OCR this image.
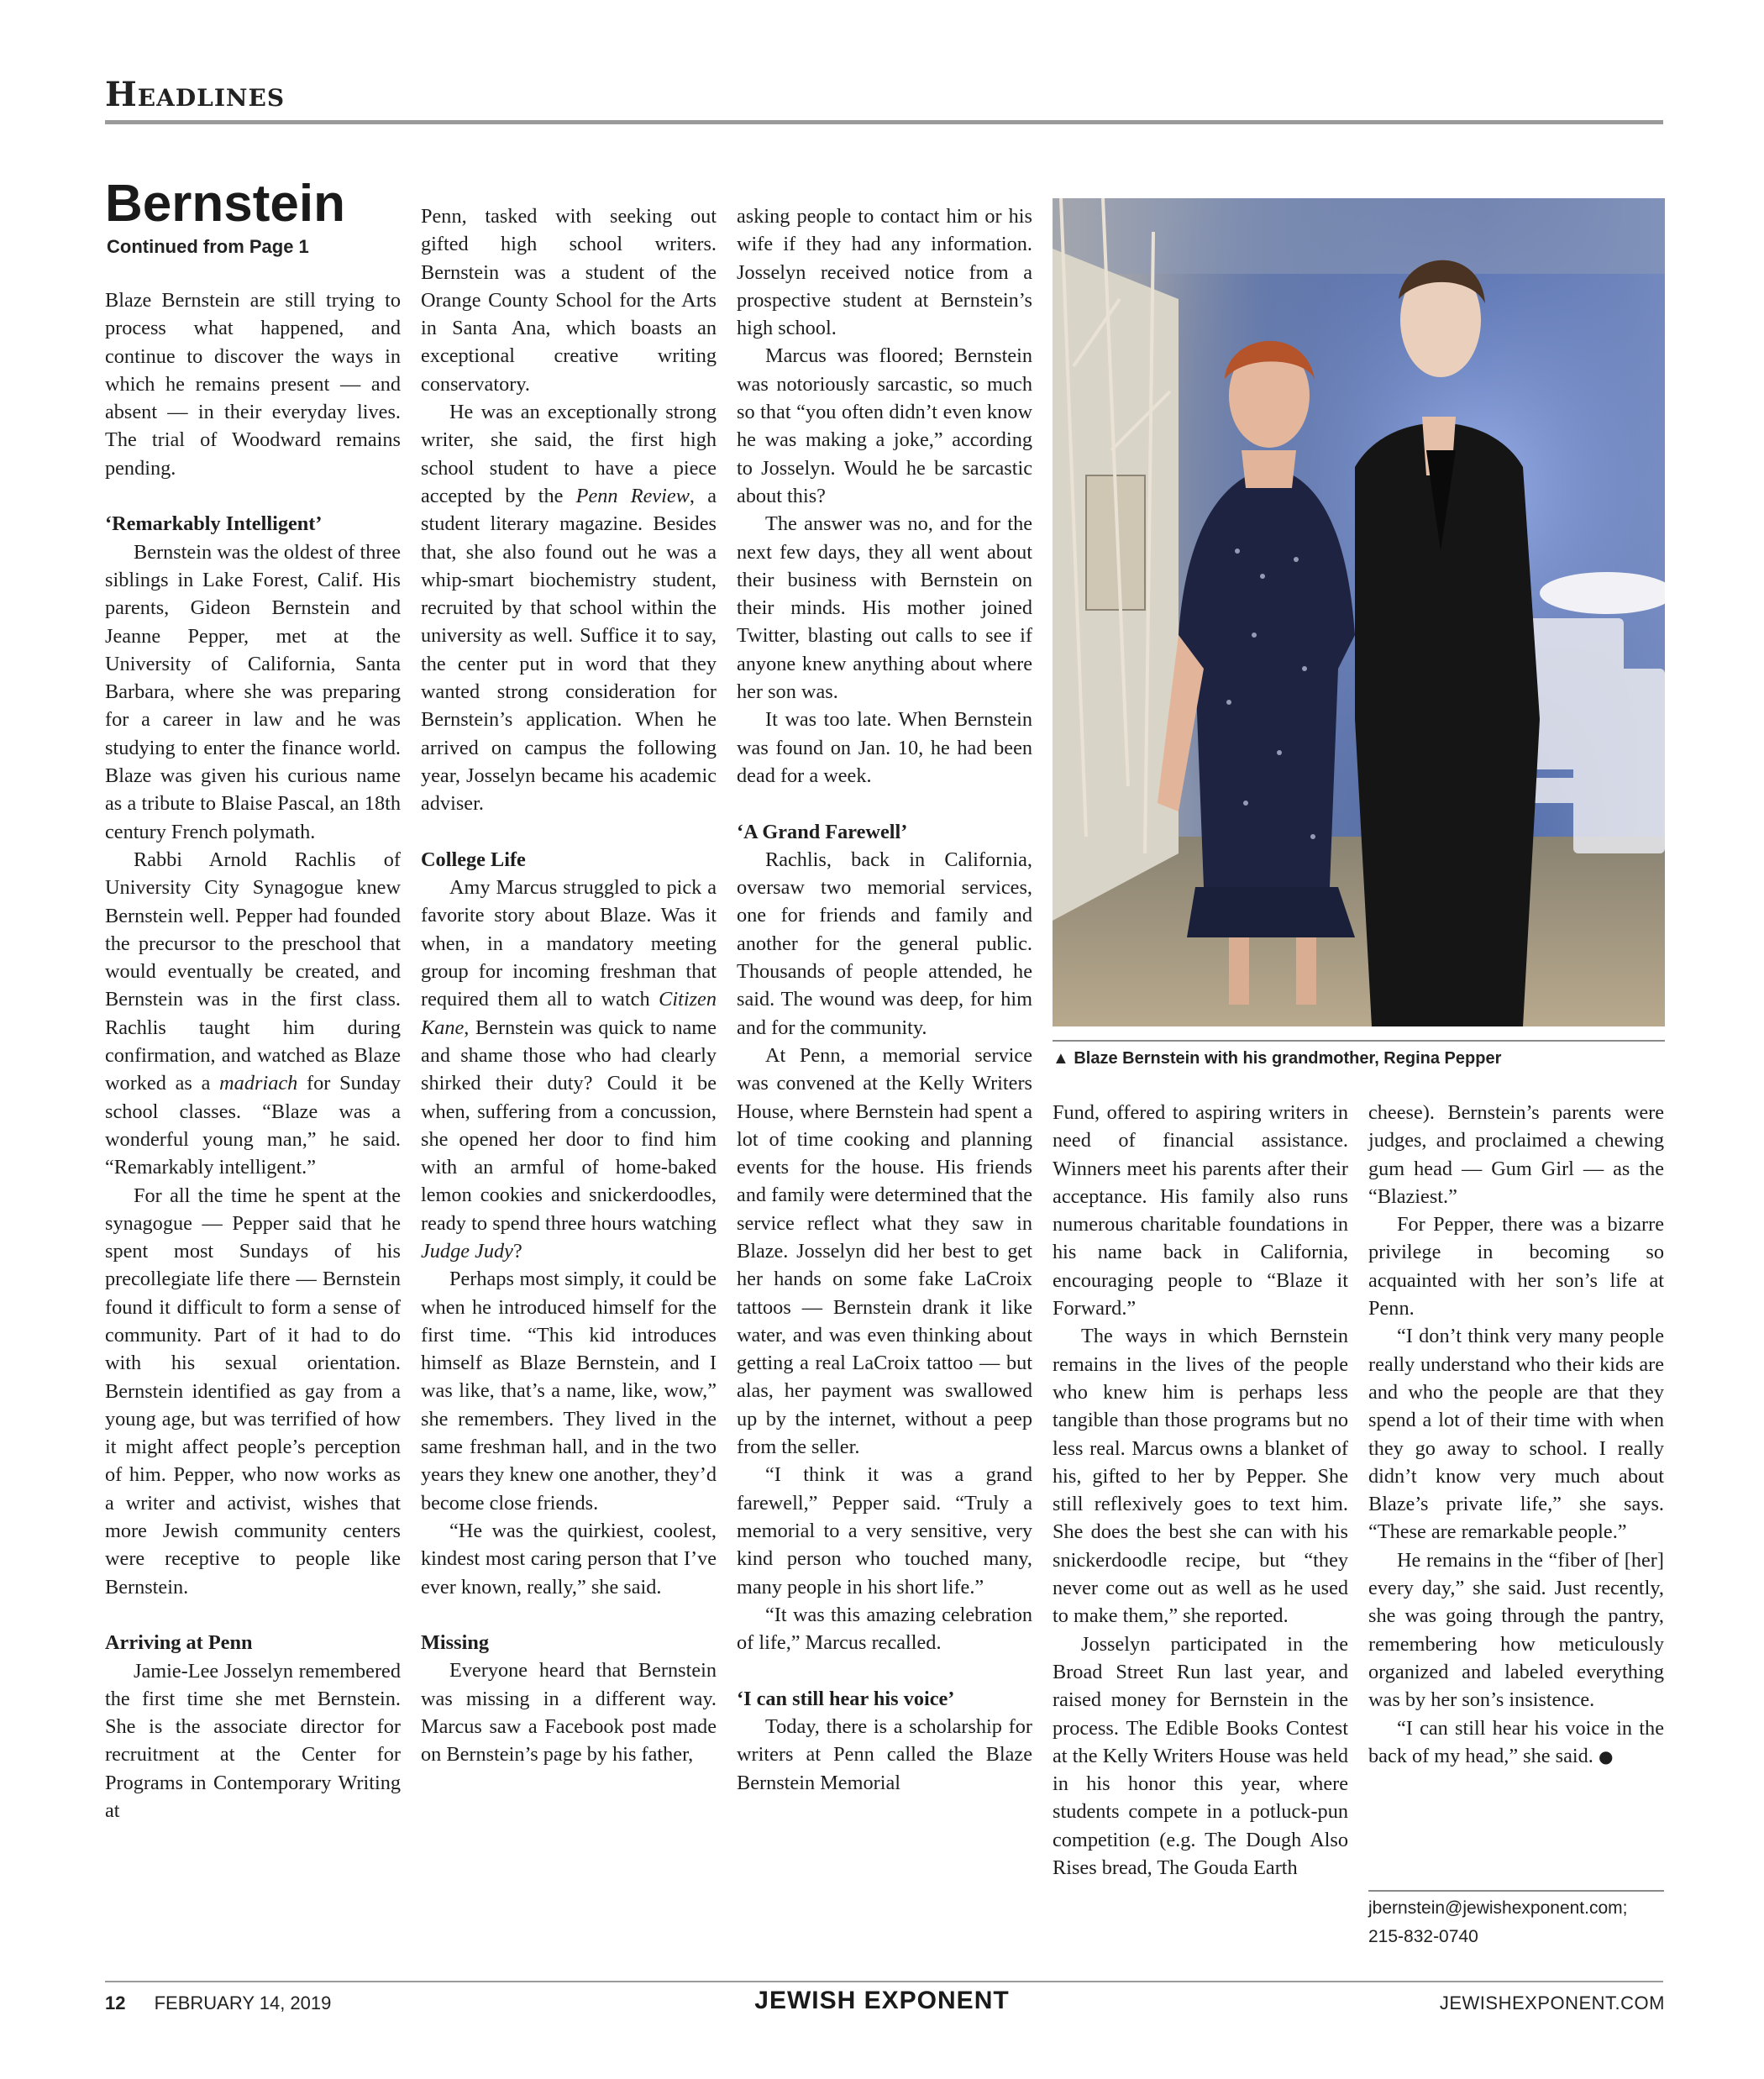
Headlines
Bernstein
Continued from Page 1

Blaze Bernstein are still trying to process what happened, and continue to discover the ways in which he remains present — and absent — in their everyday lives. The trial of Woodward remains pending.

‘Remarkably Intelligent’

Bernstein was the oldest of three siblings in Lake Forest, Calif. His parents, Gideon Bernstein and Jeanne Pepper, met at the University of California, Santa Barbara, where she was preparing for a career in law and he was studying to enter the finance world. Blaze was given his curious name as a tribute to Blaise Pascal, an 18th century French polymath.

Rabbi Arnold Rachlis of University City Synagogue knew Bernstein well. Pepper had founded the precursor to the preschool that would eventually be created, and Bernstein was in the first class. Rachlis taught him during confirmation, and watched as Blaze worked as a madriach for Sunday school classes. “Blaze was a wonderful young man,” he said. “Remarkably intelligent.”

For all the time he spent at the synagogue — Pepper said that he spent most Sundays of his precollegiate life there — Bernstein found it difficult to form a sense of community. Part of it had to do with his sexual orientation. Bernstein identified as gay from a young age, but was terrified of how it might affect people’s perception of him. Pepper, who now works as a writer and activist, wishes that more Jewish community centers were receptive to people like Bernstein.

Arriving at Penn

Jamie-Lee Josselyn remembered the first time she met Bernstein. She is the associate director for recruitment at the Center for Programs in Contemporary Writing at

Penn, tasked with seeking out gifted high school writers. Bernstein was a student of the Orange County School for the Arts in Santa Ana, which boasts an exceptional creative writing conservatory.

He was an exceptionally strong writer, she said, the first high school student to have a piece accepted by the Penn Review, a student literary magazine. Besides that, she also found out he was a whip-smart biochemistry student, recruited by that school within the university as well. Suffice it to say, the center put in word that they wanted strong consideration for Bernstein’s application. When he arrived on campus the following year, Josselyn became his academic adviser.

College Life

Amy Marcus struggled to pick a favorite story about Blaze. Was it when, in a mandatory meeting group for incoming freshman that required them all to watch Citizen Kane, Bernstein was quick to name and shame those who had clearly shirked their duty? Could it be when, suffering from a concussion, she opened her door to find him with an armful of home-baked lemon cookies and snickerdoodles, ready to spend three hours watching Judge Judy?

Perhaps most simply, it could be when he introduced himself for the first time. “This kid introduces himself as Blaze Bernstein, and I was like, that’s a name, like, wow,” she remembers. They lived in the same freshman hall, and in the two years they knew one another, they’d become close friends.

“He was the quirkiest, coolest, kindest most caring person that I’ve ever known, really,” she said.

Missing

Everyone heard that Bernstein was missing in a different way. Marcus saw a Facebook post made on Bernstein’s page by his father,

asking people to contact him or his wife if they had any information. Josselyn received notice from a prospective student at Bernstein’s high school.

Marcus was floored; Bernstein was notoriously sarcastic, so much so that “you often didn’t even know he was making a joke,” according to Josselyn. Would he be sarcastic about this?

The answer was no, and for the next few days, they all went about their business with Bernstein on their minds. His mother joined Twitter, blasting out calls to see if anyone knew anything about where her son was.

It was too late. When Bernstein was found on Jan. 10, he had been dead for a week.

‘A Grand Farewell’

Rachlis, back in California, oversaw two memorial services, one for friends and family and another for the general public. Thousands of people attended, he said. The wound was deep, for him and for the community.

At Penn, a memorial service was convened at the Kelly Writers House, where Bernstein had spent a lot of time cooking and planning events for the house. His friends and family were determined that the service reflect what they saw in Blaze. Josselyn did her best to get her hands on some fake LaCroix tattoos — Bernstein drank it like water, and was even thinking about getting a real LaCroix tattoo — but alas, her payment was swallowed up by the internet, without a peep from the seller.

“I think it was a grand farewell,” Pepper said. “Truly a memorial to a very sensitive, very kind person who touched many, many people in his short life.”

“It was this amazing celebration of life,” Marcus recalled.

‘I can still hear his voice’

Today, there is a scholarship for writers at Penn called the Blaze Bernstein Memorial

▲ Blaze Bernstein with his grandmother, Regina Pepper

Fund, offered to aspiring writers in need of financial assistance. Winners meet his parents after their acceptance. His family also runs numerous charitable foundations in his name back in California, encouraging people to “Blaze it Forward.”

The ways in which Bernstein remains in the lives of the people who knew him is perhaps less tangible than those programs but no less real. Marcus owns a blanket of his, gifted to her by Pepper. She still reflexively goes to text him. She does the best she can with his snickerdoodle recipe, but “they never come out as well as he used to make them,” she reported.

Josselyn participated in the Broad Street Run last year, and raised money for Bernstein in the process. The Edible Books Contest at the Kelly Writers House was held in his honor this year, where students compete in a potluck-pun competition (e.g. The Dough Also Rises bread, The Gouda Earth

cheese). Bernstein’s parents were judges, and proclaimed a chewing gum head — Gum Girl — as the “Blaziest.”

For Pepper, there was a bizarre privilege in becoming so acquainted with her son’s life at Penn.

“I don’t think very many people really understand who their kids are and who the people are that they spend a lot of their time with when they go away to school. I really didn’t know very much about Blaze’s private life,” she says. “These are remarkable people.”

He remains in the “fiber of [her] every day,” she said. Just recently, she was going through the pantry, remembering how meticulously organized and labeled everything was by her son’s insistence.

“I can still hear his voice in the back of my head,” she said. ●

jbernstein@jewishexponent.com;
215-832-0740
12 FEBRUARY 14, 2019	JEWISH EXPONENT	JEWISHEXPONENT.COM
